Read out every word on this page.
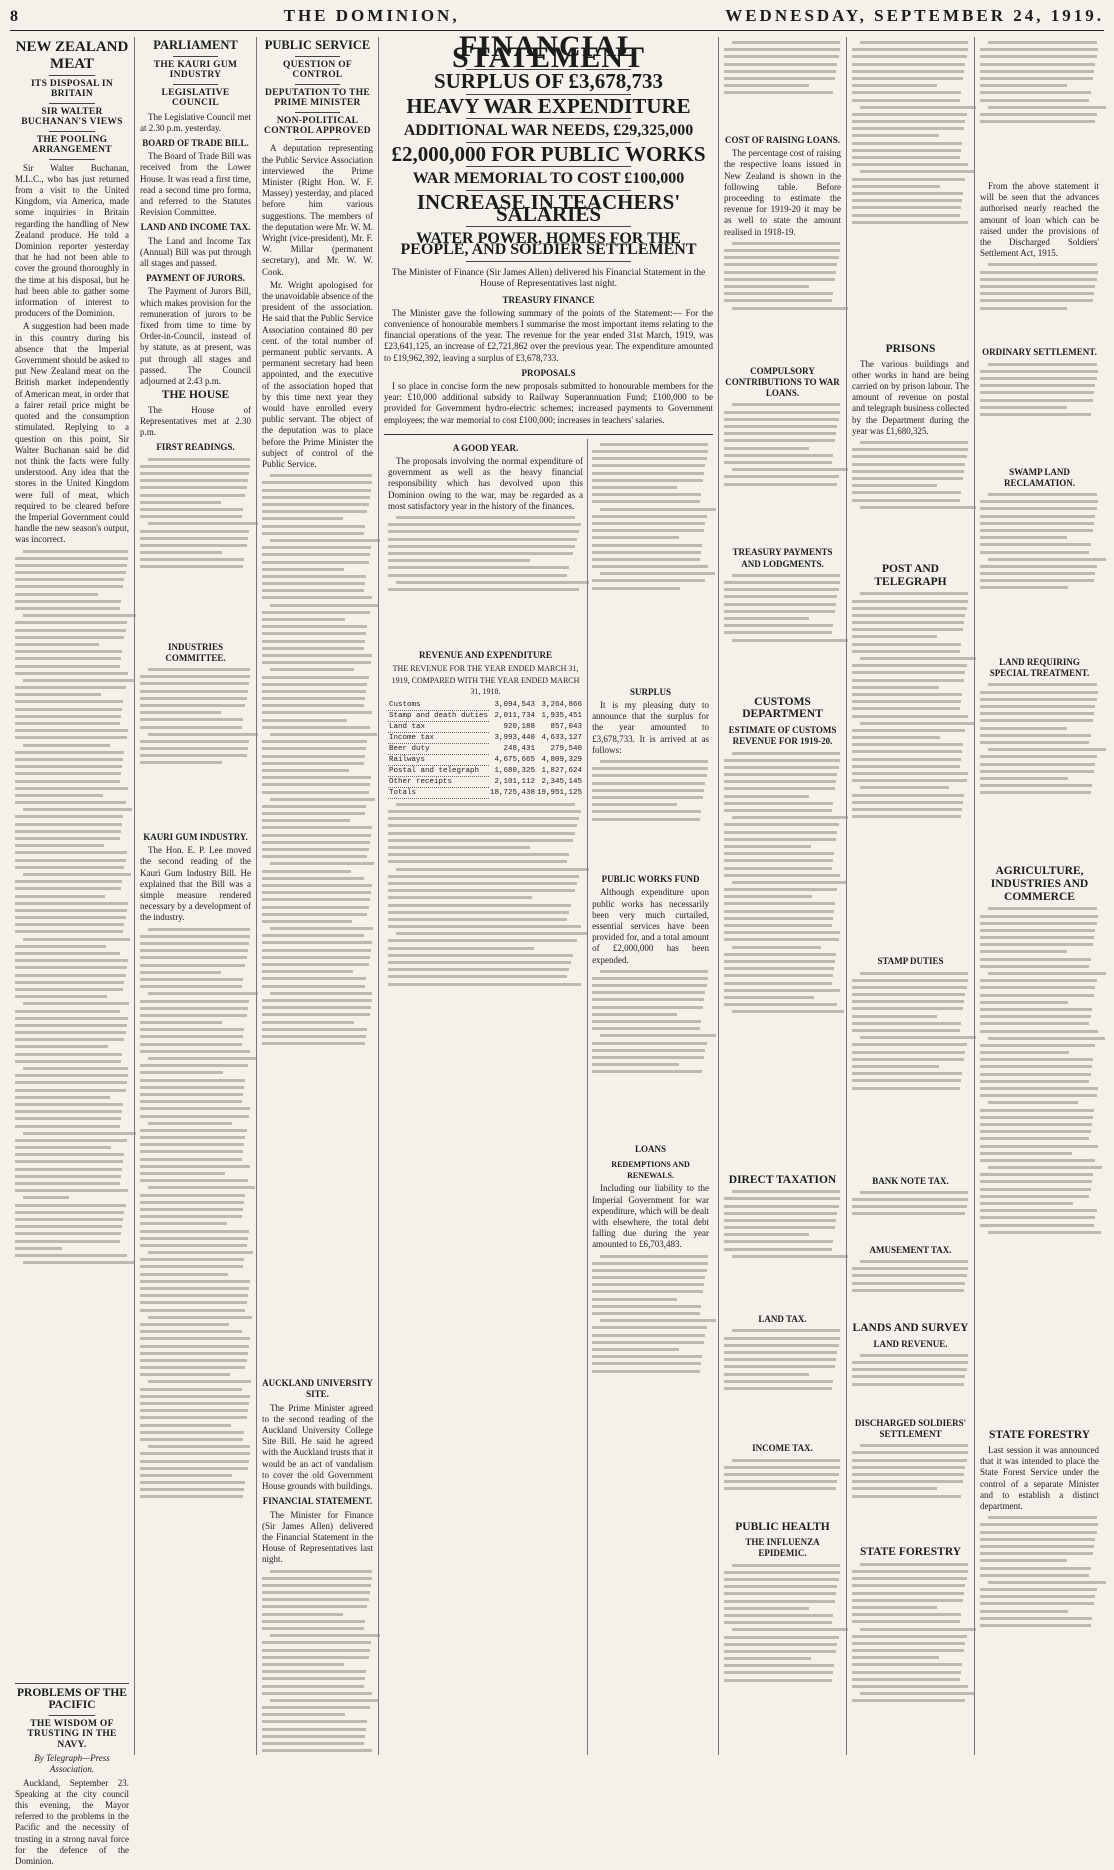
8	THE DOMINION,	WEDNESDAY, SEPTEMBER 24, 1919.
NEW ZEALAND MEAT
ITS DISPOSAL IN BRITAIN
SIR WALTER BUCHANAN'S VIEWS
THE POOLING ARRANGEMENT

Sir Walter Buchanan, M.L.C., who has just returned from a visit to the United Kingdom, via America, made some inquiries in Britain regarding the handling of New Zealand produce. He told a Dominion reporter yesterday that he had not been able to cover the ground thoroughly in the time at his disposal, but he had been able to gather some information of interest to producers of the Dominion.

A suggestion had been made in this country during his absence that the Imperial Government should be asked to put New Zealand meat on the British market independently of American meat, in order that a fairer retail price might be quoted and the consumption stimulated. Replying to a question on this point, Sir Walter Buchanan said he did not think the facts were fully understood. Any idea that the stores in the United Kingdom were full of meat, which required to be cleared before the Imperial Government could handle the new season's output, was incorrect.

PROBLEMS OF THE PACIFIC
THE WISDOM OF TRUSTING IN THE NAVY.

By Telegraph—Press Association.

Auckland, September 23. Speaking at the city council this evening, the Mayor referred to the problems in the Pacific and the necessity of trusting in a strong naval force for the defence of the Dominion.

PARLIAMENT
THE KAURI GUM INDUSTRY
LEGISLATIVE COUNCIL

The Legislative Council met at 2.30 p.m. yesterday.

BOARD OF TRADE BILL.

The Board of Trade Bill was received from the Lower House. It was read a first time, read a second time pro forma, and referred to the Statutes Revision Committee.

LAND AND INCOME TAX.

The Land and Income Tax (Annual) Bill was put through all stages and passed.

PAYMENT OF JURORS.

The Payment of Jurors Bill, which makes provision for the remuneration of jurors to be fixed from time to time by Order-in-Council, instead of by statute, as at present, was put through all stages and passed. The Council adjourned at 2.43 p.m.

THE HOUSE

The House of Representatives met at 2.30 p.m.

FIRST READINGS.
INDUSTRIES COMMITTEE.
KAURI GUM INDUSTRY.

The Hon. E. P. Lee moved the second reading of the Kauri Gum Industry Bill. He explained that the Bill was a simple measure rendered necessary by a development of the industry.

PUBLIC SERVICE
QUESTION OF CONTROL
DEPUTATION TO THE PRIME MINISTER
NON-POLITICAL CONTROL APPROVED

A deputation representing the Public Service Association interviewed the Prime Minister (Right Hon. W. F. Massey) yesterday, and placed before him various suggestions. The members of the deputation were Mr. W. M. Wright (vice-president), Mr. F. W. Millar (permanent secretary), and Mr. W. W. Cook.

Mr. Wright apologised for the unavoidable absence of the president of the association. He said that the Public Service Association contained 80 per cent. of the total number of permanent public servants. A permanent secretary had been appointed, and the executive of the association hoped that by this time next year they would have enrolled every public servant. The object of the deputation was to place before the Prime Minister the subject of control of the Public Service.

AUCKLAND UNIVERSITY SITE.

The Prime Minister agreed to the second reading of the Auckland University College Site Bill. He said he agreed with the Auckland trusts that it would be an act of vandalism to cover the old Government House grounds with buildings.

FINANCIAL STATEMENT.

The Minister for Finance (Sir James Allen) delivered the Financial Statement in the House of Representatives last night.

FINANCIAL STATEMENT
SURPLUS OF £3,678,733
HEAVY WAR EXPENDITURE
ADDITIONAL WAR NEEDS, £29,325,000
£2,000,000 FOR PUBLIC WORKS
WAR MEMORIAL TO COST £100,000
INCREASE IN TEACHERS' SALARIES
WATER POWER, HOMES FOR THE PEOPLE, AND SOLDIER SETTLEMENT

The Minister of Finance (Sir James Allen) delivered his Financial Statement in the House of Representatives last night.

TREASURY FINANCE

The Minister gave the following summary of the points of the Statement:— For the convenience of honourable members I summarise the most important items relating to the financial operations of the year. The revenue for the year ended 31st March, 1919, was £23,641,125, an increase of £2,721,862 over the previous year. The expenditure amounted to £19,962,392, leaving a surplus of £3,678,733.

PROPOSALS

I so place in concise form the new proposals submitted to honourable members for the year: £10,000 additional subsidy to Railway Superannuation Fund; £100,000 to be provided for Government hydro-electric schemes; increased payments to Government employees; the war memorial to cost £100,000; increases in teachers' salaries.

A GOOD YEAR.

The proposals involving the normal expenditure of government as well as the heavy financial responsibility which has devolved upon this Dominion owing to the war, may be regarded as a most satisfactory year in the history of the finances.

REVENUE AND EXPENDITURE

THE REVENUE FOR THE YEAR ENDED MARCH 31, 1919, COMPARED WITH THE YEAR ENDED MARCH 31, 1918.

Customs	3,094,543	3,264,866
Stamp and death duties	2,011,734	1,935,451
Land tax	920,188	857,043
Income tax	3,993,440	4,633,127
Beer duty	248,431	279,540
Railways	4,675,665	4,809,329
Postal and telegraph	1,680,325	1,827,624
Other receipts	2,101,112	2,345,145
Totals	18,725,438	19,951,125
SURPLUS

It is my pleasing duty to announce that the surplus for the year amounted to £3,678,733. It is arrived at as follows:

PUBLIC WORKS FUND

Although expenditure upon public works has necessarily been very much curtailed, essential services have been provided for, and a total amount of £2,000,000 has been expended.

LOANS
REDEMPTIONS AND RENEWALS.

Including our liability to the Imperial Government for war expenditure, which will be dealt with elsewhere, the total debt falling due during the year amounted to £6,703,483.

COST OF RAISING LOANS.

The percentage cost of raising the respective loans issued in New Zealand is shown in the following table. Before proceeding to estimate the revenue for 1919-20 it may be as well to state the amount realised in 1918-19.

COMPULSORY CONTRIBUTIONS TO WAR LOANS.
TREASURY PAYMENTS AND LODGMENTS.
CUSTOMS DEPARTMENT
ESTIMATE OF CUSTOMS REVENUE FOR 1919-20.
DIRECT TAXATION
LAND TAX.
INCOME TAX.
PUBLIC HEALTH
THE INFLUENZA EPIDEMIC.
PRISONS

The various buildings and other works in hand are being carried on by prison labour. The amount of revenue on postal and telegraph business collected by the Department during the year was £1,680,325.

POST AND TELEGRAPH
STAMP DUTIES
BANK NOTE TAX.
AMUSEMENT TAX.
LANDS AND SURVEY
LAND REVENUE.
DISCHARGED SOLDIERS' SETTLEMENT
STATE FORESTRY

From the above statement it will be seen that the advances authorised nearly reached the amount of loan which can be raised under the provisions of the Discharged Soldiers' Settlement Act, 1915.

ORDINARY SETTLEMENT.
SWAMP LAND RECLAMATION.
LAND REQUIRING SPECIAL TREATMENT.
AGRICULTURE, INDUSTRIES AND COMMERCE
STATE FORESTRY

Last session it was announced that it was intended to place the State Forest Service under the control of a separate Minister and to establish a distinct department.
